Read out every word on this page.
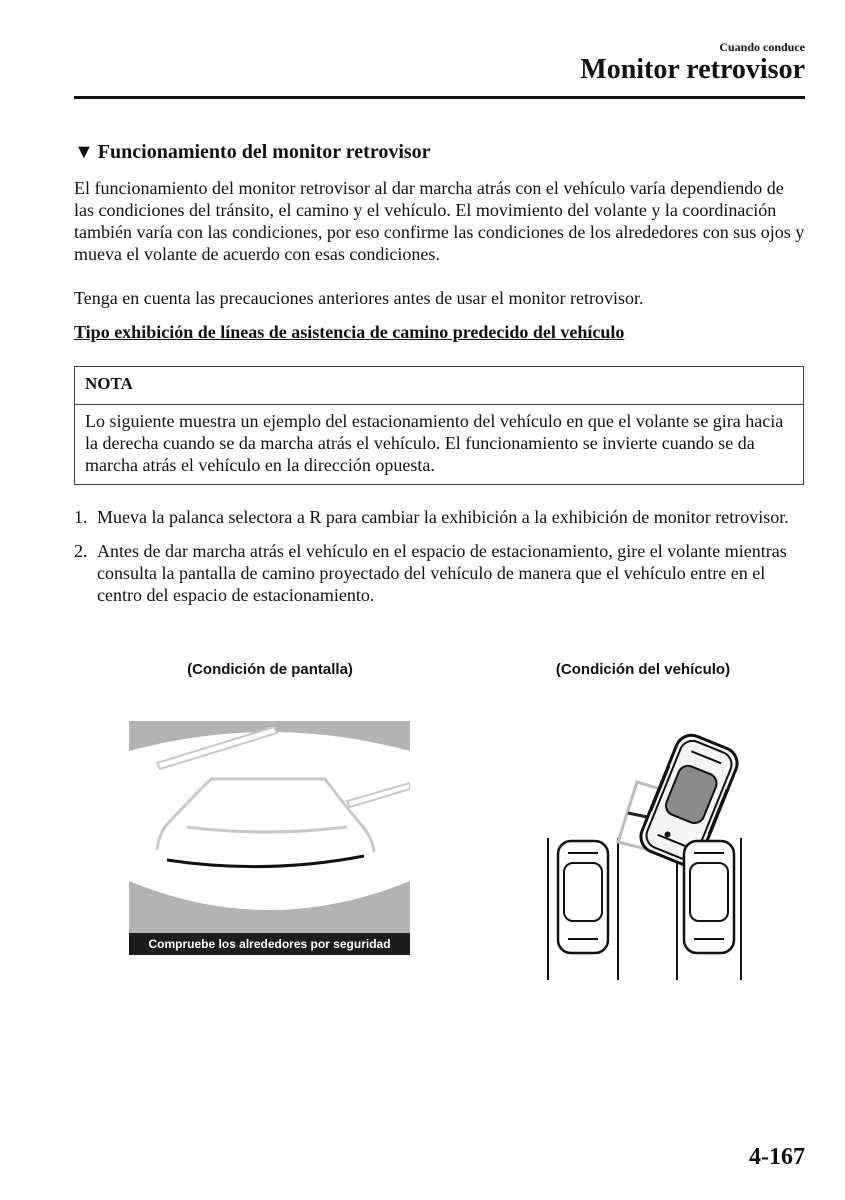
Cuando conduce
Monitor retrovisor
▼ Funcionamiento del monitor retrovisor
El funcionamiento del monitor retrovisor al dar marcha atrás con el vehículo varía dependiendo de las condiciones del tránsito, el camino y el vehículo. El movimiento del volante y la coordinación también varía con las condiciones, por eso confirme las condiciones de los alrededores con sus ojos y mueva el volante de acuerdo con esas condiciones.
Tenga en cuenta las precauciones anteriores antes de usar el monitor retrovisor.
Tipo exhibición de líneas de asistencia de camino predecido del vehículo
NOTA
Lo siguiente muestra un ejemplo del estacionamiento del vehículo en que el volante se gira hacia la derecha cuando se da marcha atrás el vehículo. El funcionamiento se invierte cuando se da marcha atrás el vehículo en la dirección opuesta.
1. Mueva la palanca selectora a R para cambiar la exhibición a la exhibición de monitor retrovisor.
2. Antes de dar marcha atrás el vehículo en el espacio de estacionamiento, gire el volante mientras consulta la pantalla de camino proyectado del vehículo de manera que el vehículo entre en el centro del espacio de estacionamiento.
(Condición de pantalla)	(Condición del vehículo)
Compruebe los alrededores por seguridad
4-167
